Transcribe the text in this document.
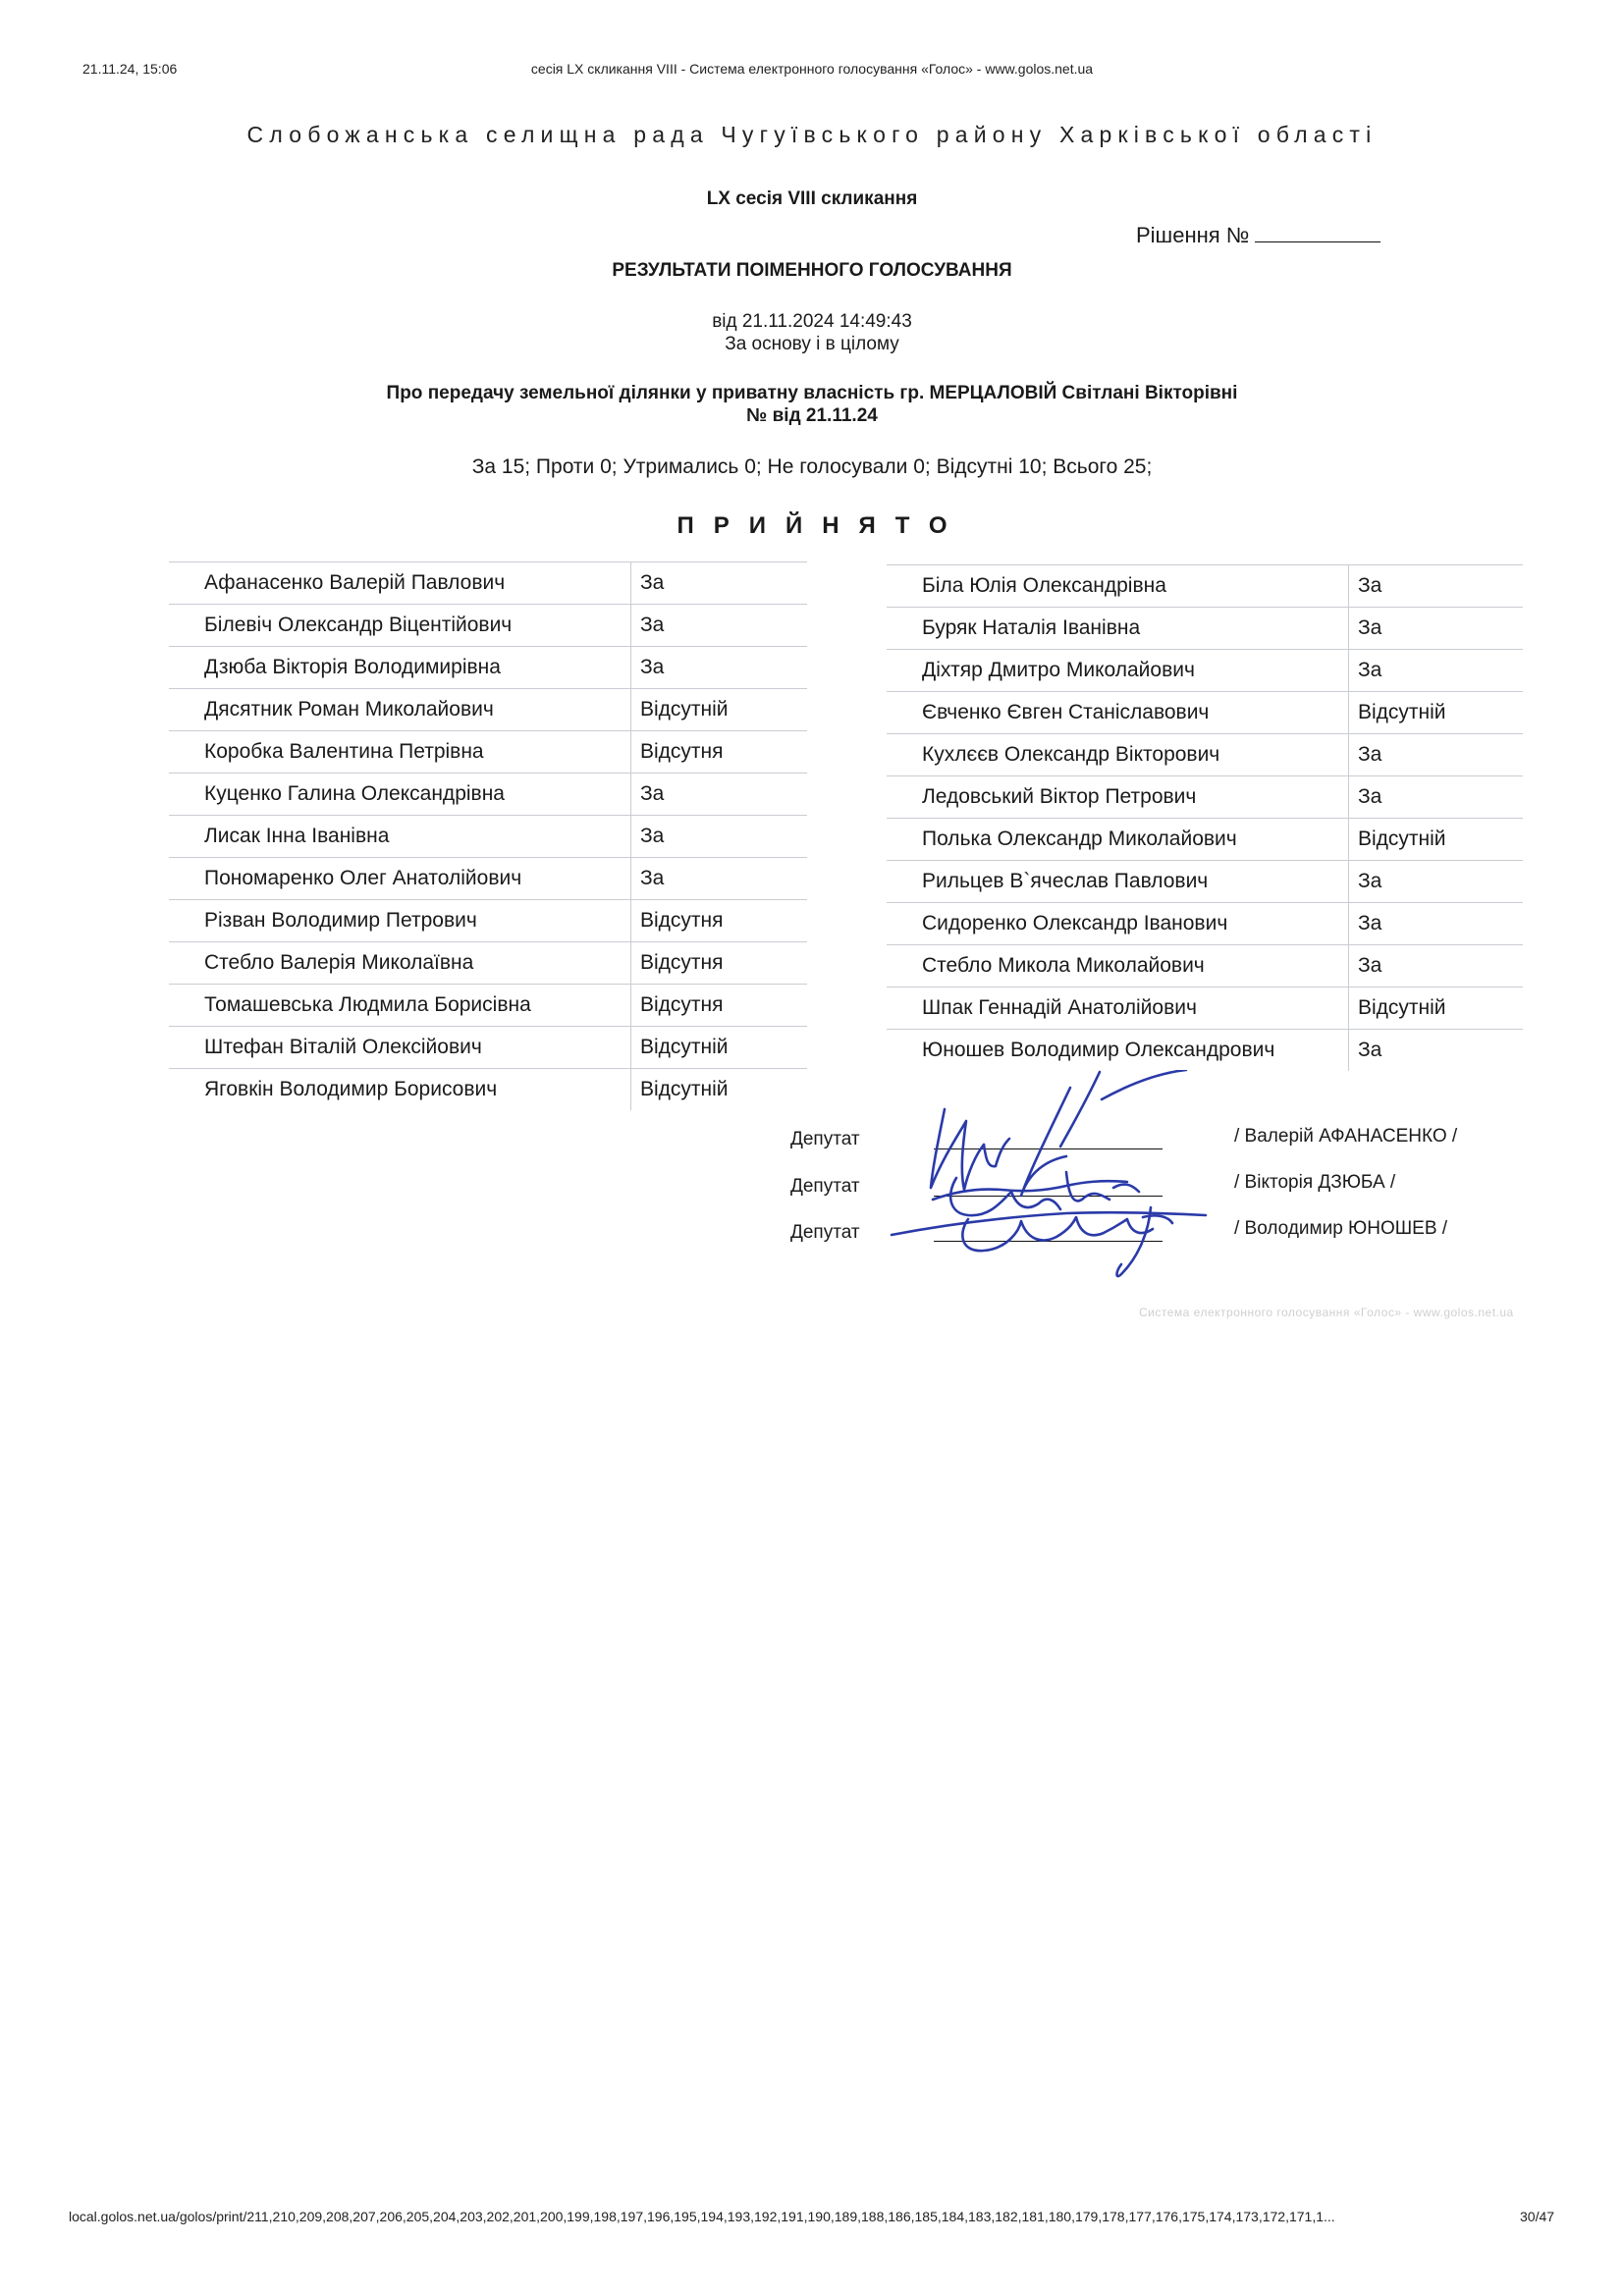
21.11.24, 15:06	сесія LX скликання VIII - Система електронного голосування «Голос» - www.golos.net.ua
Слобожанська селищна рада Чугуївського району Харківської області
LX сесія VIII скликання
Рішення №
РЕЗУЛЬТАТИ ПОІМЕННОГО ГОЛОСУВАННЯ
від 21.11.2024 14:49:43
За основу і в цілому
Про передачу земельної ділянки у приватну власність гр. МЕРЦАЛОВІЙ Світлані Вікторівні
№ від 21.11.24
За 15; Проти 0; Утримались 0; Не голосували 0; Відсутні 10; Всього 25;
ПРИЙНЯТО
Афанасенко Валерій Павлович	За
Білевіч Олександр Віцентійович	За
Дзюба Вікторія Володимирівна	За
Дясятник Роман Миколайович	Відсутній
Коробка Валентина Петрівна	Відсутня
Куценко Галина Олександрівна	За
Лисак Інна Іванівна	За
Пономаренко Олег Анатолійович	За
Різван Володимир Петрович	Відсутня
Стебло Валерія Миколаївна	Відсутня
Томашевська Людмила Борисівна	Відсутня
Штефан Віталій Олексійович	Відсутній
Яговкін Володимир Борисович	Відсутній
Біла Юлія Олександрівна	За
Буряк Наталія Іванівна	За
Діхтяр Дмитро Миколайович	За
Євченко Євген Станіславович	Відсутній
Кухлєєв Олександр Вікторович	За
Ледовський Віктор Петрович	За
Полька Олександр Миколайович	Відсутній
Рильцев В`ячеслав Павлович	За
Сидоренко Олександр Іванович	За
Стебло Микола Миколайович	За
Шпак Геннадій Анатолійович	Відсутній
Юношев Володимир Олександрович	За
Депутат	/ Валерій АФАНАСЕНКО /
Депутат	/ Вікторія ДЗЮБА /
Депутат	/ Володимир ЮНОШЕВ /
Система електронного голосування «Голос» - www.golos.net.ua
local.golos.net.ua/golos/print/211,210,209,208,207,206,205,204,203,202,201,200,199,198,197,196,195,194,193,192,191,190,189,188,186,185,184,183,182,181,180,179,178,177,176,175,174,173,172,171,1...	30/47
